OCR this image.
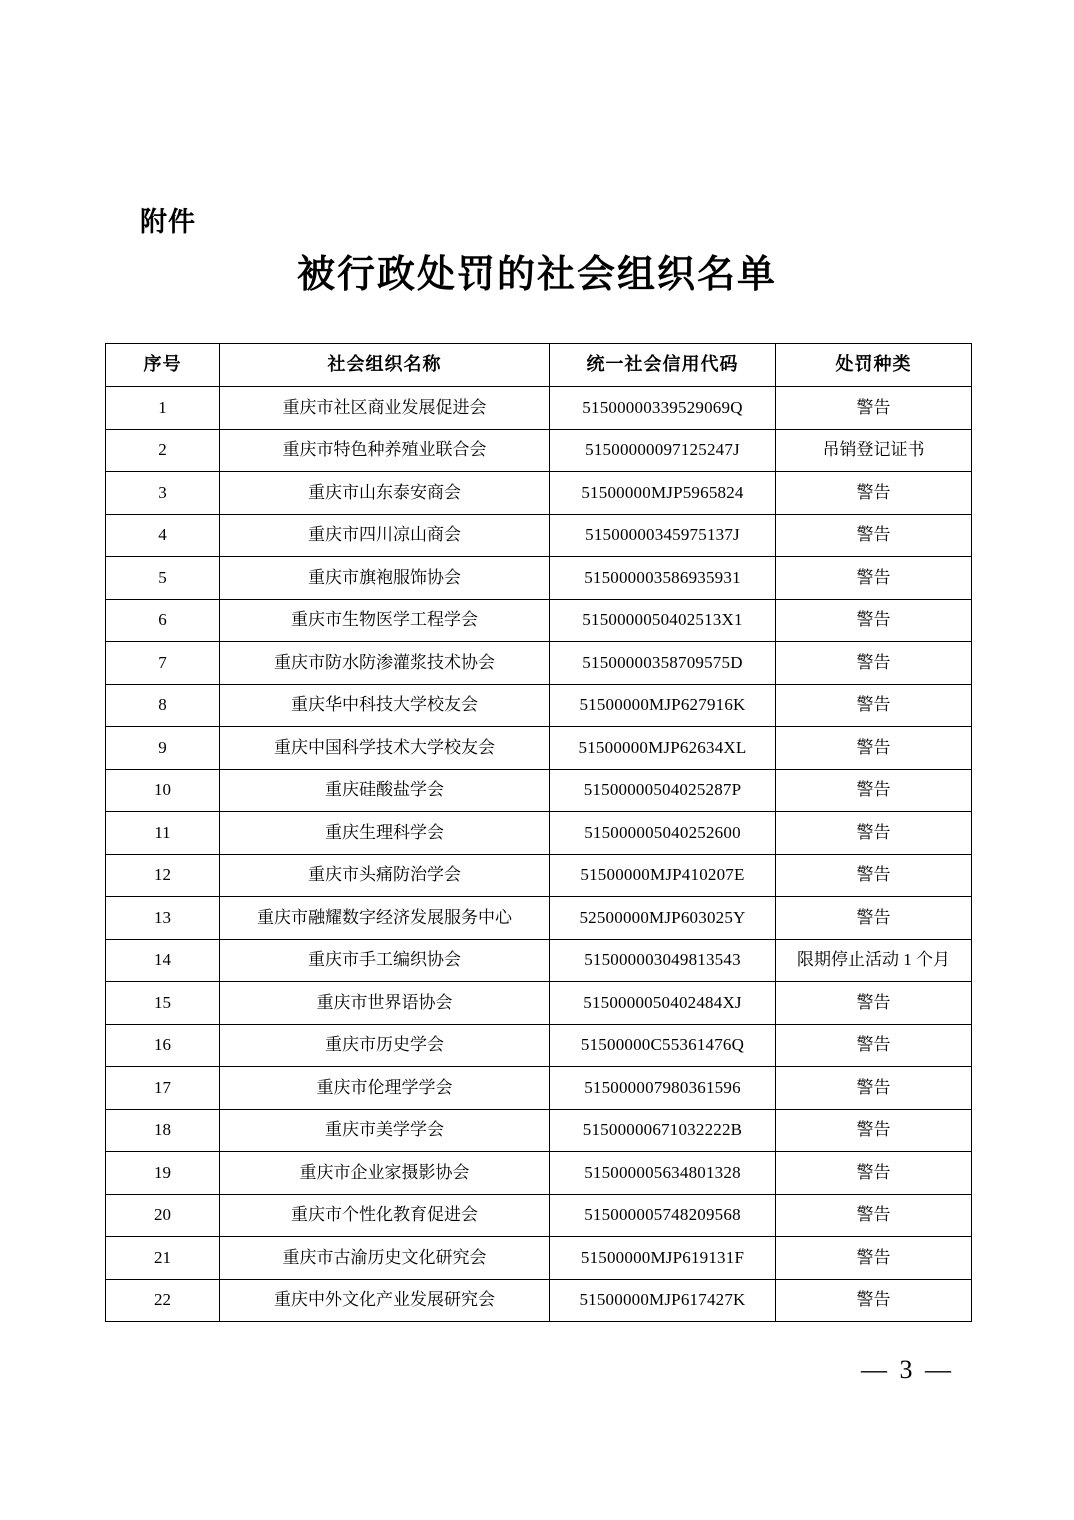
附件
被行政处罚的社会组织名单
序号	社会组织名称	统一社会信用代码	处罚种类
1	重庆市社区商业发展促进会	51500000339529069Q	警告
2	重庆市特色种养殖业联合会	51500000097125247J	吊销登记证书
3	重庆市山东泰安商会	51500000MJP5965824	警告
4	重庆市四川凉山商会	51500000345975137J	警告
5	重庆市旗袍服饰协会	515000003586935931	警告
6	重庆市生物医学工程学会	5150000050402513X1	警告
7	重庆市防水防渗灌浆技术协会	51500000358709575D	警告
8	重庆华中科技大学校友会	51500000MJP627916K	警告
9	重庆中国科学技术大学校友会	51500000MJP62634XL	警告
10	重庆硅酸盐学会	51500000504025287P	警告
11	重庆生理科学会	515000005040252600	警告
12	重庆市头痛防治学会	51500000MJP410207E	警告
13	重庆市融耀数字经济发展服务中心	52500000MJP603025Y	警告
14	重庆市手工编织协会	515000003049813543	限期停止活动 1 个月
15	重庆市世界语协会	5150000050402484XJ	警告
16	重庆市历史学会	51500000C55361476Q	警告
17	重庆市伦理学学会	515000007980361596	警告
18	重庆市美学学会	51500000671032222B	警告
19	重庆市企业家摄影协会	515000005634801328	警告
20	重庆市个性化教育促进会	515000005748209568	警告
21	重庆市古渝历史文化研究会	51500000MJP619131F	警告
22	重庆中外文化产业发展研究会	51500000MJP617427K	警告
— 3 —
